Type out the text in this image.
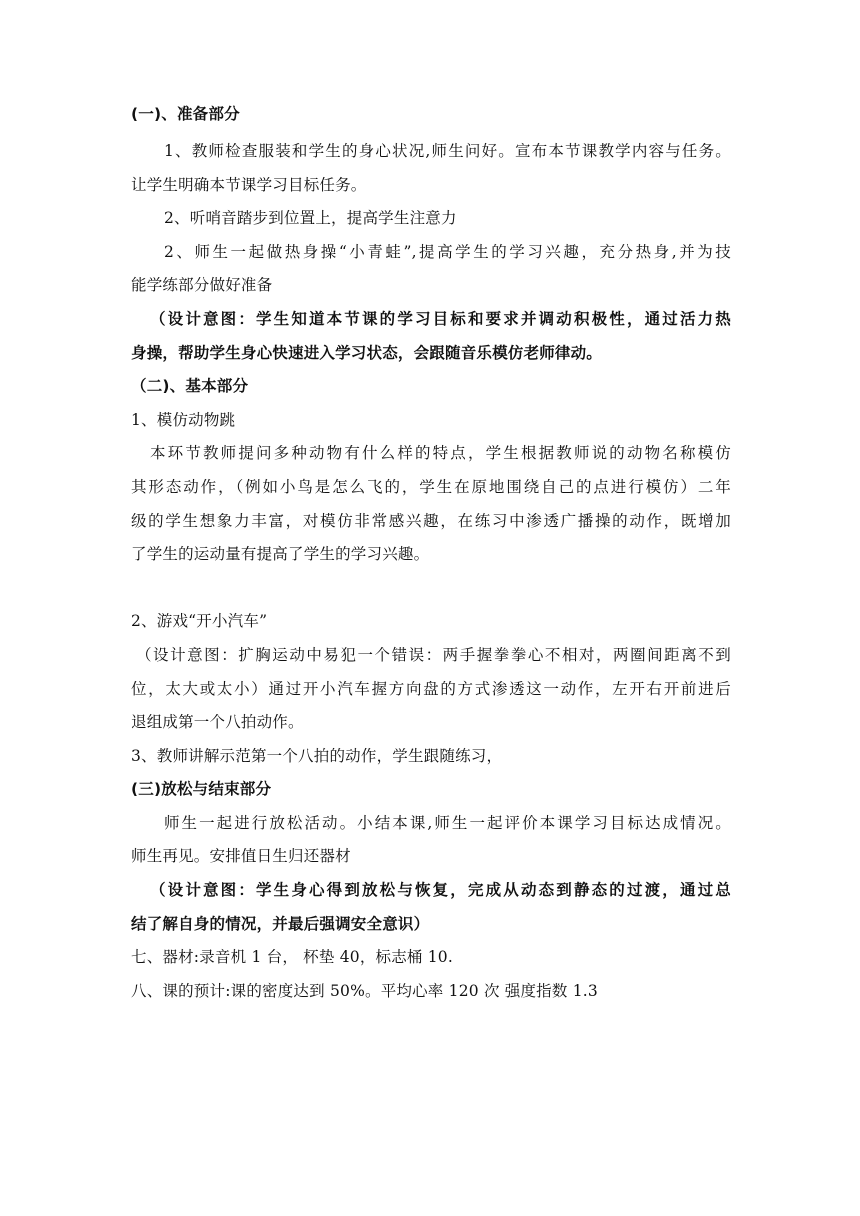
(一)、准备部分
1、教师检查服装和学生的身心状况,师生问好。宣布本节课教学内容与任务。
让学生明确本节课学习目标任务。
2、听哨音踏步到位置上，提高学生注意力
2、师生一起做热身操“小青蛙”,提高学生的学习兴趣，充分热身,并为技
能学练部分做好准备
（设计意图：学生知道本节课的学习目标和要求并调动积极性，通过活力热
身操，帮助学生身心快速进入学习状态，会跟随音乐模仿老师律动。
（二)、基本部分
1、模仿动物跳
本环节教师提问多种动物有什么样的特点，学生根据教师说的动物名称模仿
其形态动作，（例如小鸟是怎么飞的，学生在原地围绕自己的点进行模仿）二年
级的学生想象力丰富，对模仿非常感兴趣，在练习中渗透广播操的动作，既增加
了学生的运动量有提高了学生的学习兴趣。
2、游戏“开小汽车”
（设计意图：扩胸运动中易犯一个错误：两手握拳拳心不相对，两圈间距离不到
位，太大或太小）通过开小汽车握方向盘的方式渗透这一动作，左开右开前进后
退组成第一个八拍动作。
3、教师讲解示范第一个八拍的动作，学生跟随练习，
(三)放松与结束部分
师生一起进行放松活动。小结本课,师生一起评价本课学习目标达成情况。
师生再见。安排值日生归还器材
（设计意图：学生身心得到放松与恢复，完成从动态到静态的过渡，通过总
结了解自身的情况，并最后强调安全意识）
七、器材:录音机 1 台， 杯垫 40，标志桶 10.
八、课的预计:课的密度达到 50%。平均心率 120 次 强度指数 1.3
